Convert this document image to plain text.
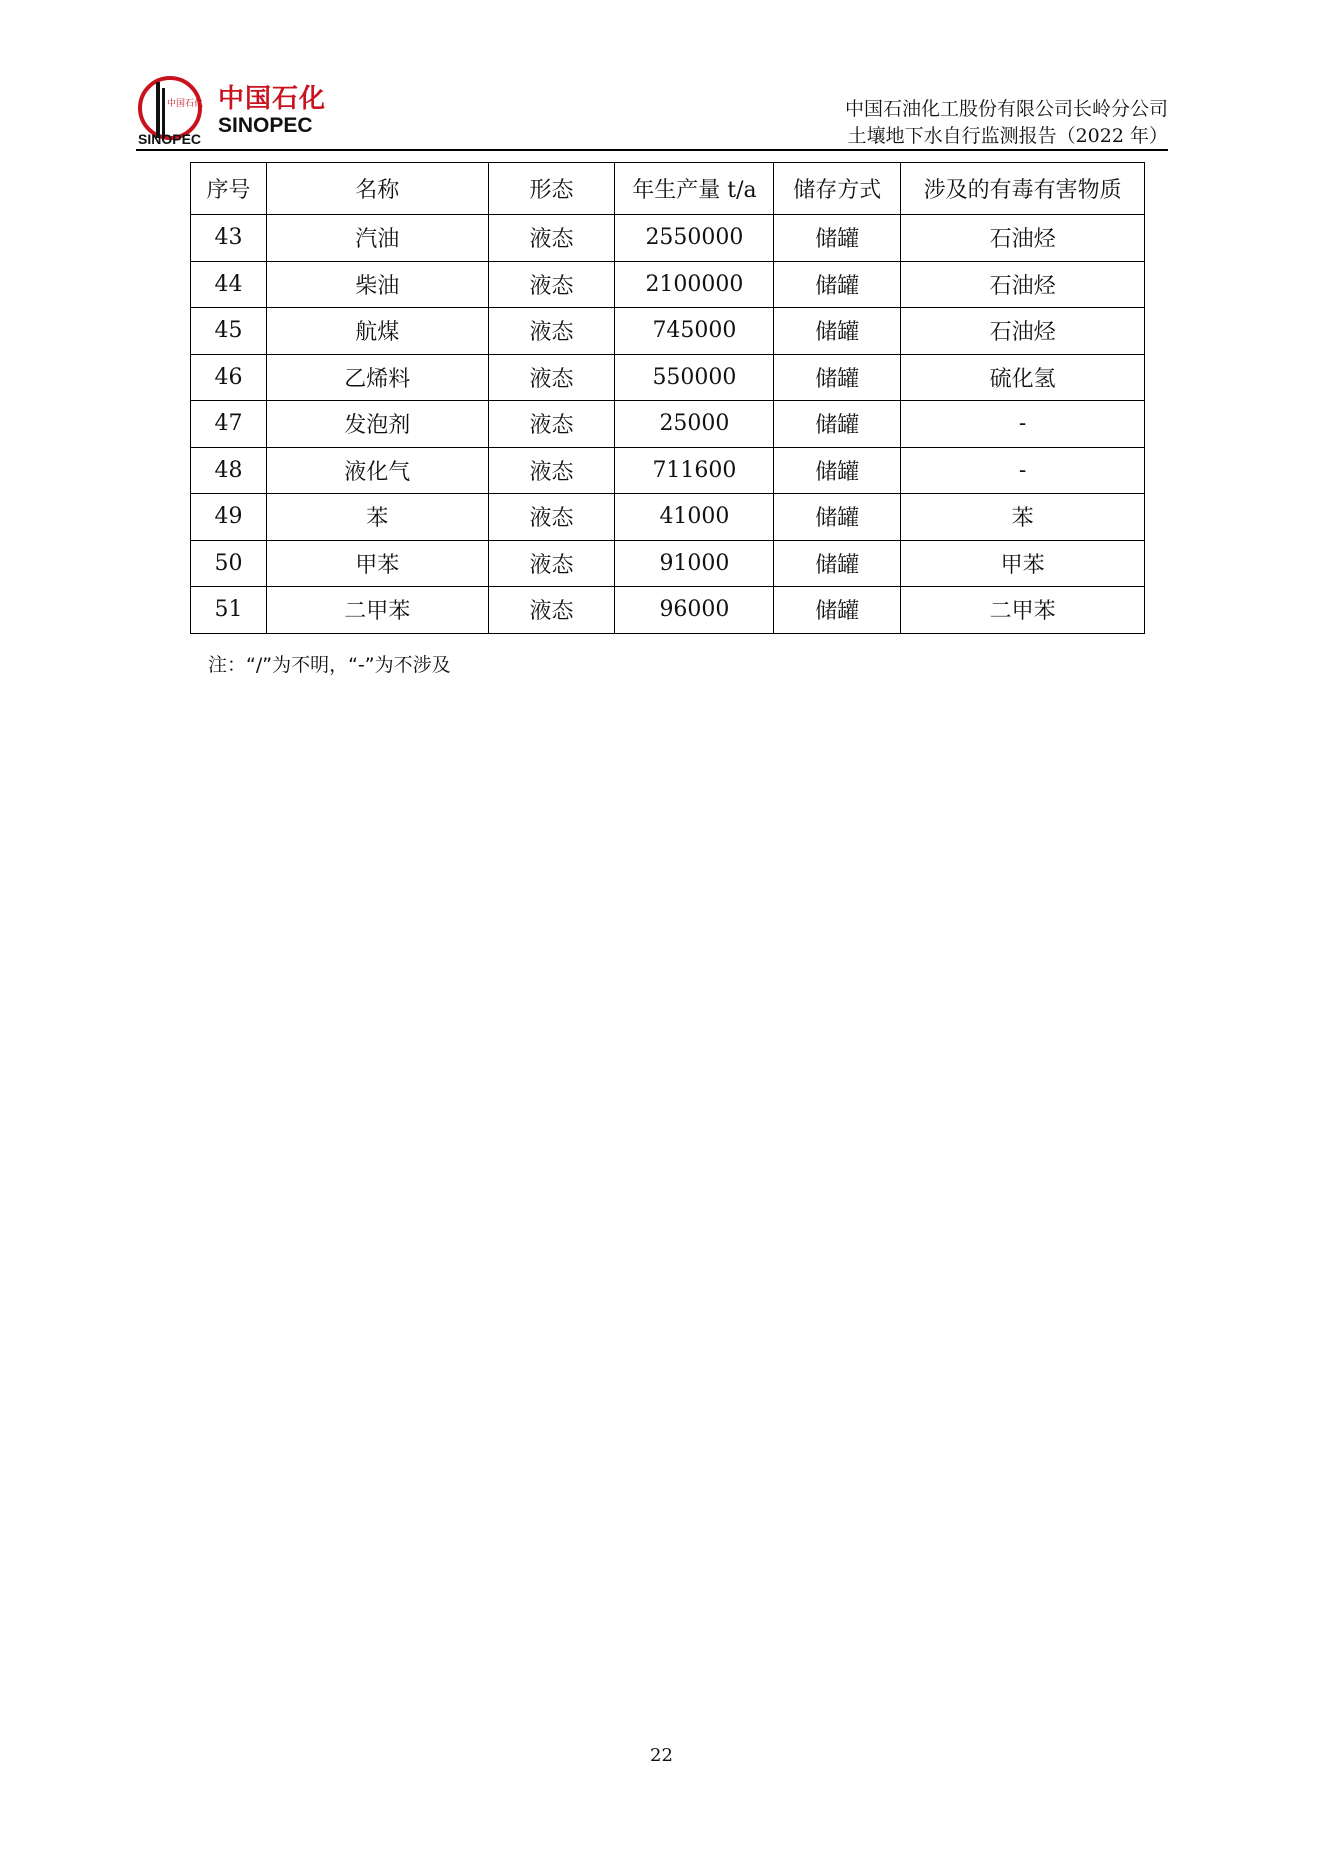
中国石化
SINOPEC
中国石化
SINOPEC
中国石油化工股份有限公司长岭分公司
土壤地下水自行监测报告（2022 年）
序号	名称	形态	年生产量 t/a	储存方式	涉及的有毒有害物质
43	汽油	液态	2550000	储罐	石油烃
44	柴油	液态	2100000	储罐	石油烃
45	航煤	液态	745000	储罐	石油烃
46	乙烯料	液态	550000	储罐	硫化氢
47	发泡剂	液态	25000	储罐	-
48	液化气	液态	711600	储罐	-
49	苯	液态	41000	储罐	苯
50	甲苯	液态	91000	储罐	甲苯
51	二甲苯	液态	96000	储罐	二甲苯
注：“/”为不明，“-”为不涉及
22
